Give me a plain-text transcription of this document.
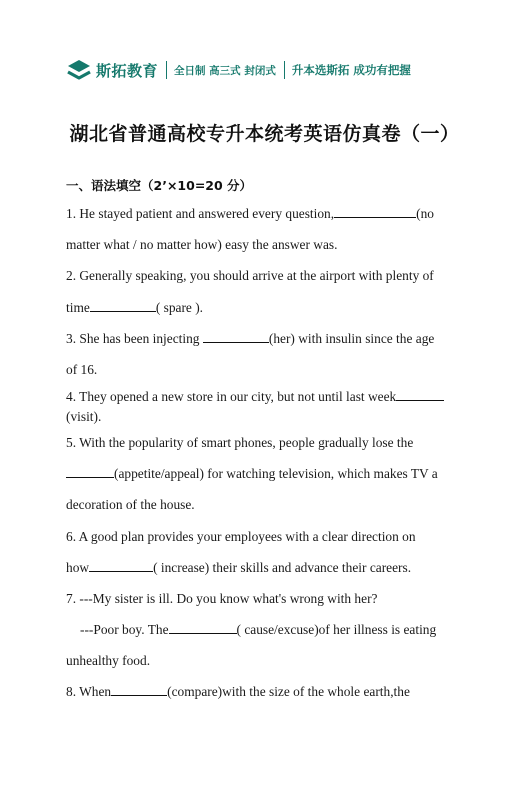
斯拓教育 全日制 高三式 封闭式 升本选斯拓 成功有把握
湖北省普通高校专升本统考英语仿真卷（一）
一、语法填空（2’×10=20 分）
1. He stayed patient and answered every question,	(no
matter what / no matter how) easy the answer was.
2. Generally speaking, you should arrive at the airport with plenty of
time	( spare ).
3. She has been injecting	(her) with insulin since the age
of 16.
4. They opened a new store in our city, but not until last week
(visit).
5. With the popularity of smart phones, people gradually lose the
(appetite/appeal) for watching television, which makes TV a
decoration of the house.
6. A good plan provides your employees with a clear direction on
how	( increase) their skills and advance their careers.
7. ---My sister is ill. Do you know what's wrong with her?
---Poor boy. The	( cause/excuse)of her illness is eating
unhealthy food.
8. When	(compare)with the size of the whole earth,the
